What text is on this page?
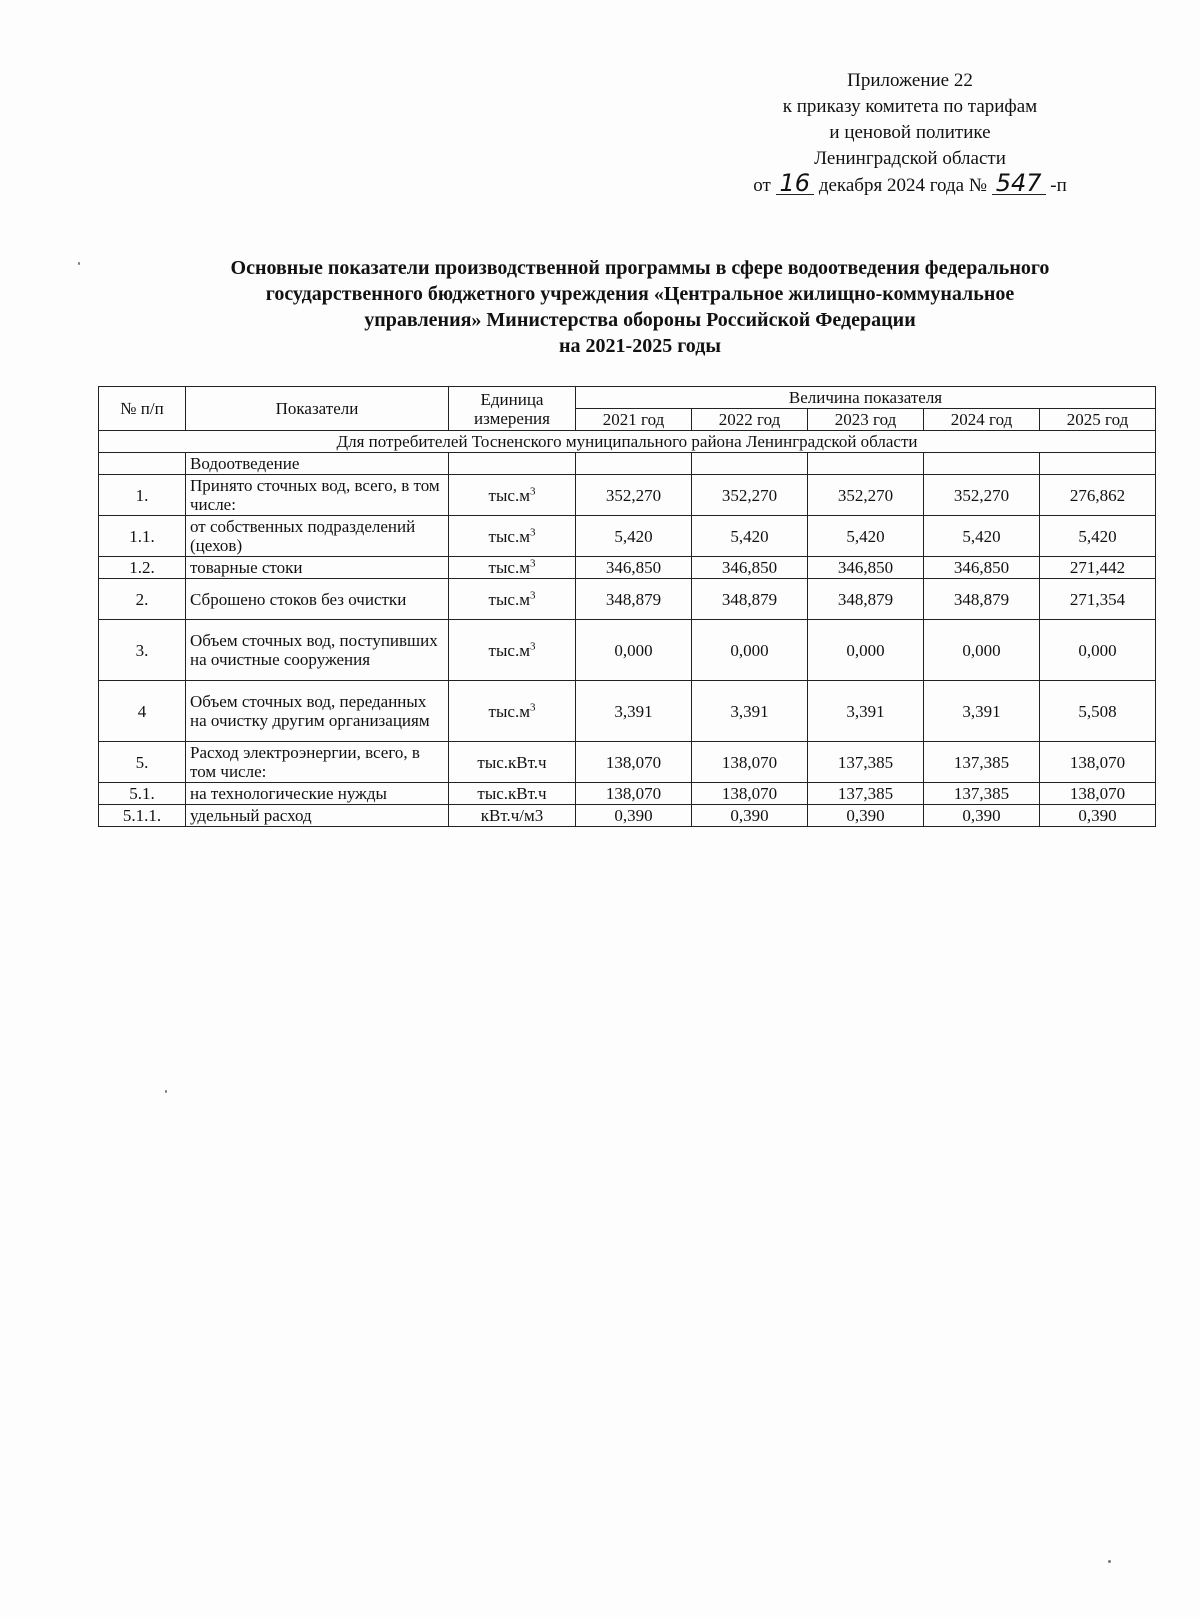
Приложение 22
к приказу комитета по тарифам
и ценовой политике
Ленинградской области
от 16 декабря 2024 года № 547 -п
Основные показатели производственной программы в сфере водоотведения федерального
государственного бюджетного учреждения «Центральное жилищно-коммунальное
управления» Министерства обороны Российской Федерации
на 2021-2025 годы
№ п/п	Показатели	Единица измерения	Величина показателя				
			2021 год	2022 год	2023 год	2024 год	2025 год
Для потребителей Тосненского муниципального района Ленинградской области							
	Водоотведение						
1.	Принято сточных вод, всего, в том числе:	$тыс.м^3$	352,270	352,270	352,270	352,270	276,862
1.1.	от собственных подразделений (цехов)	$тыс.м^3$	5,420	5,420	5,420	5,420	5,420
1.2.	товарные стоки	$тыс.м^3$	346,850	346,850	346,850	346,850	271,442
2.	Сброшено стоков без очистки	$тыс.м^3$	348,879	348,879	348,879	348,879	271,354
3.	Объем сточных вод, поступивших на очистные сооружения	$тыс.м^3$	0,000	0,000	0,000	0,000	0,000
4	Объем сточных вод, переданных на очистку другим организациям	$тыс.м^3$	3,391	3,391	3,391	3,391	5,508
5.	Расход электроэнергии, всего, в том числе:	тыс.кВт.ч	138,070	138,070	137,385	137,385	138,070
5.1.	на технологические нужды	тыс.кВт.ч	138,070	138,070	137,385	137,385	138,070
5.1.1.	удельный расход	кВт.ч/м3	0,390	0,390	0,390	0,390	0,390
